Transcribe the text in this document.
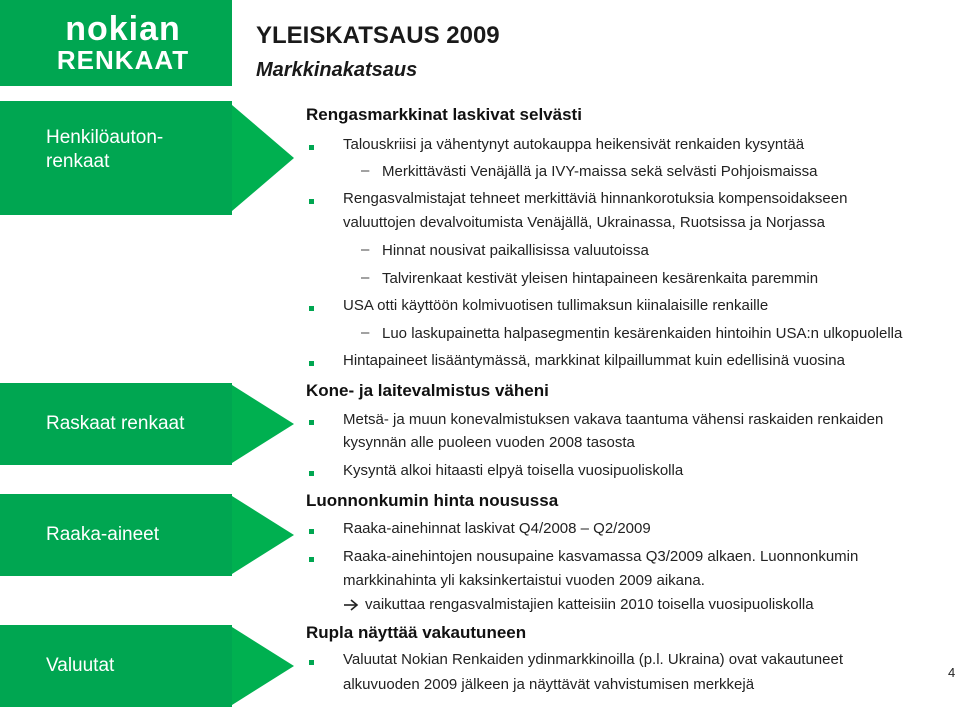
nokian
RENKAAT
YLEISKATSAUS 2009
Markkinakatsaus
Henkilöauton-
renkaat
Raskaat renkaat
Raaka-aineet
Valuutat
Rengasmarkkinat laskivat selvästi
Talouskriisi ja vähentynyt autokauppa heikensivät renkaiden kysyntää
– Merkittävästi Venäjällä ja IVY-maissa sekä selvästi Pohjoismaissa
Rengasvalmistajat tehneet merkittäviä hinnankorotuksia kompensoidakseen
valuuttojen devalvoitumista Venäjällä, Ukrainassa, Ruotsissa ja Norjassa
– Hinnat nousivat paikallisissa valuutoissa
– Talvirenkaat kestivät yleisen hintapaineen kesärenkaita paremmin
USA otti käyttöön kolmivuotisen tullimaksun kiinalaisille renkaille
– Luo laskupainetta halpasegmentin kesärenkaiden hintoihin USA:n ulkopuolella
Hintapaineet lisääntymässä, markkinat kilpaillummat kuin edellisinä vuosina
Kone- ja laitevalmistus väheni
Metsä- ja muun konevalmistuksen vakava taantuma vähensi raskaiden renkaiden
kysynnän alle puoleen vuoden 2008 tasosta
Kysyntä alkoi hitaasti elpyä toisella vuosipuoliskolla
Luonnonkumin hinta nousussa
Raaka-ainehinnat laskivat Q4/2008 – Q2/2009
Raaka-ainehintojen nousupaine kasvamassa Q3/2009 alkaen. Luonnonkumin
markkinahinta yli kaksinkertaistui vuoden 2009 aikana.
vaikuttaa rengasvalmistajien katteisiin 2010 toisella vuosipuoliskolla
Rupla näyttää vakautuneen
Valuutat Nokian Renkaiden ydinmarkkinoilla (p.l. Ukraina) ovat vakautuneet
alkuvuoden 2009 jälkeen ja näyttävät vahvistumisen merkkejä
4
